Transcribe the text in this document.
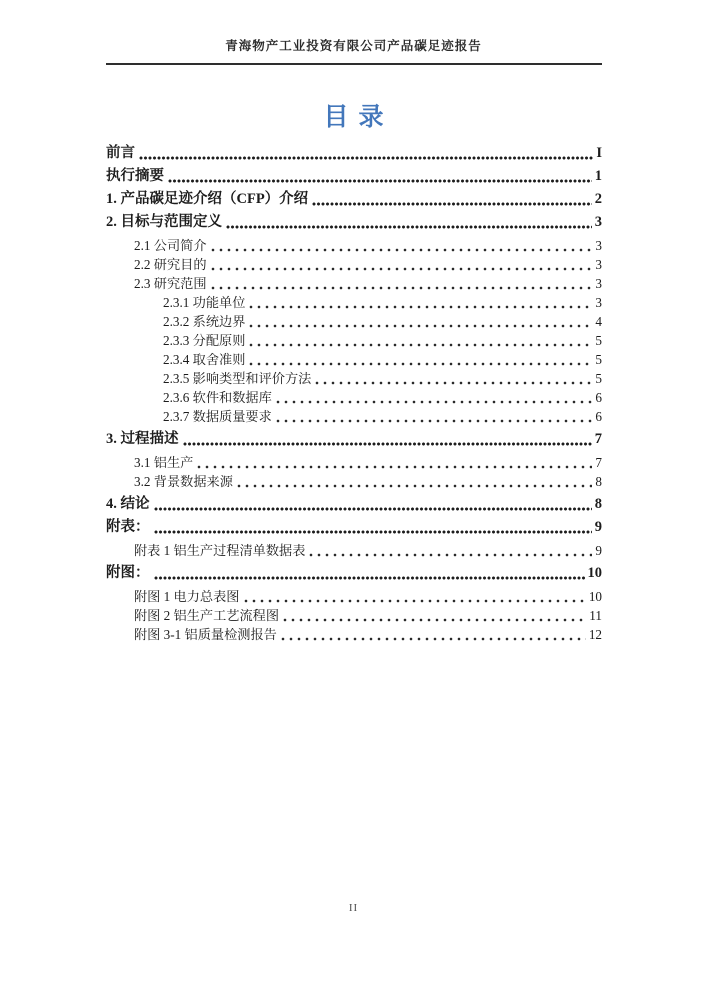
青海物产工业投资有限公司产品碳足迹报告
目录
前言	I
执行摘要	1
1. 产品碳足迹介绍（CFP）介绍	2
2. 目标与范围定义	3
2.1 公司简介	3
2.2 研究目的	3
2.3 研究范围	3
2.3.1 功能单位	3
2.3.2 系统边界	4
2.3.3 分配原则	5
2.3.4 取舍准则	5
2.3.5 影响类型和评价方法	5
2.3.6 软件和数据库	6
2.3.7 数据质量要求	6
3. 过程描述	7
3.1 铝生产	7
3.2 背景数据来源	8
4. 结论	8
附表：	9
附表 1 铝生产过程清单数据表	9
附图：	10
附图 1 电力总表图	10
附图 2 铝生产工艺流程图	11
附图 3-1 铝质量检测报告	12
II
